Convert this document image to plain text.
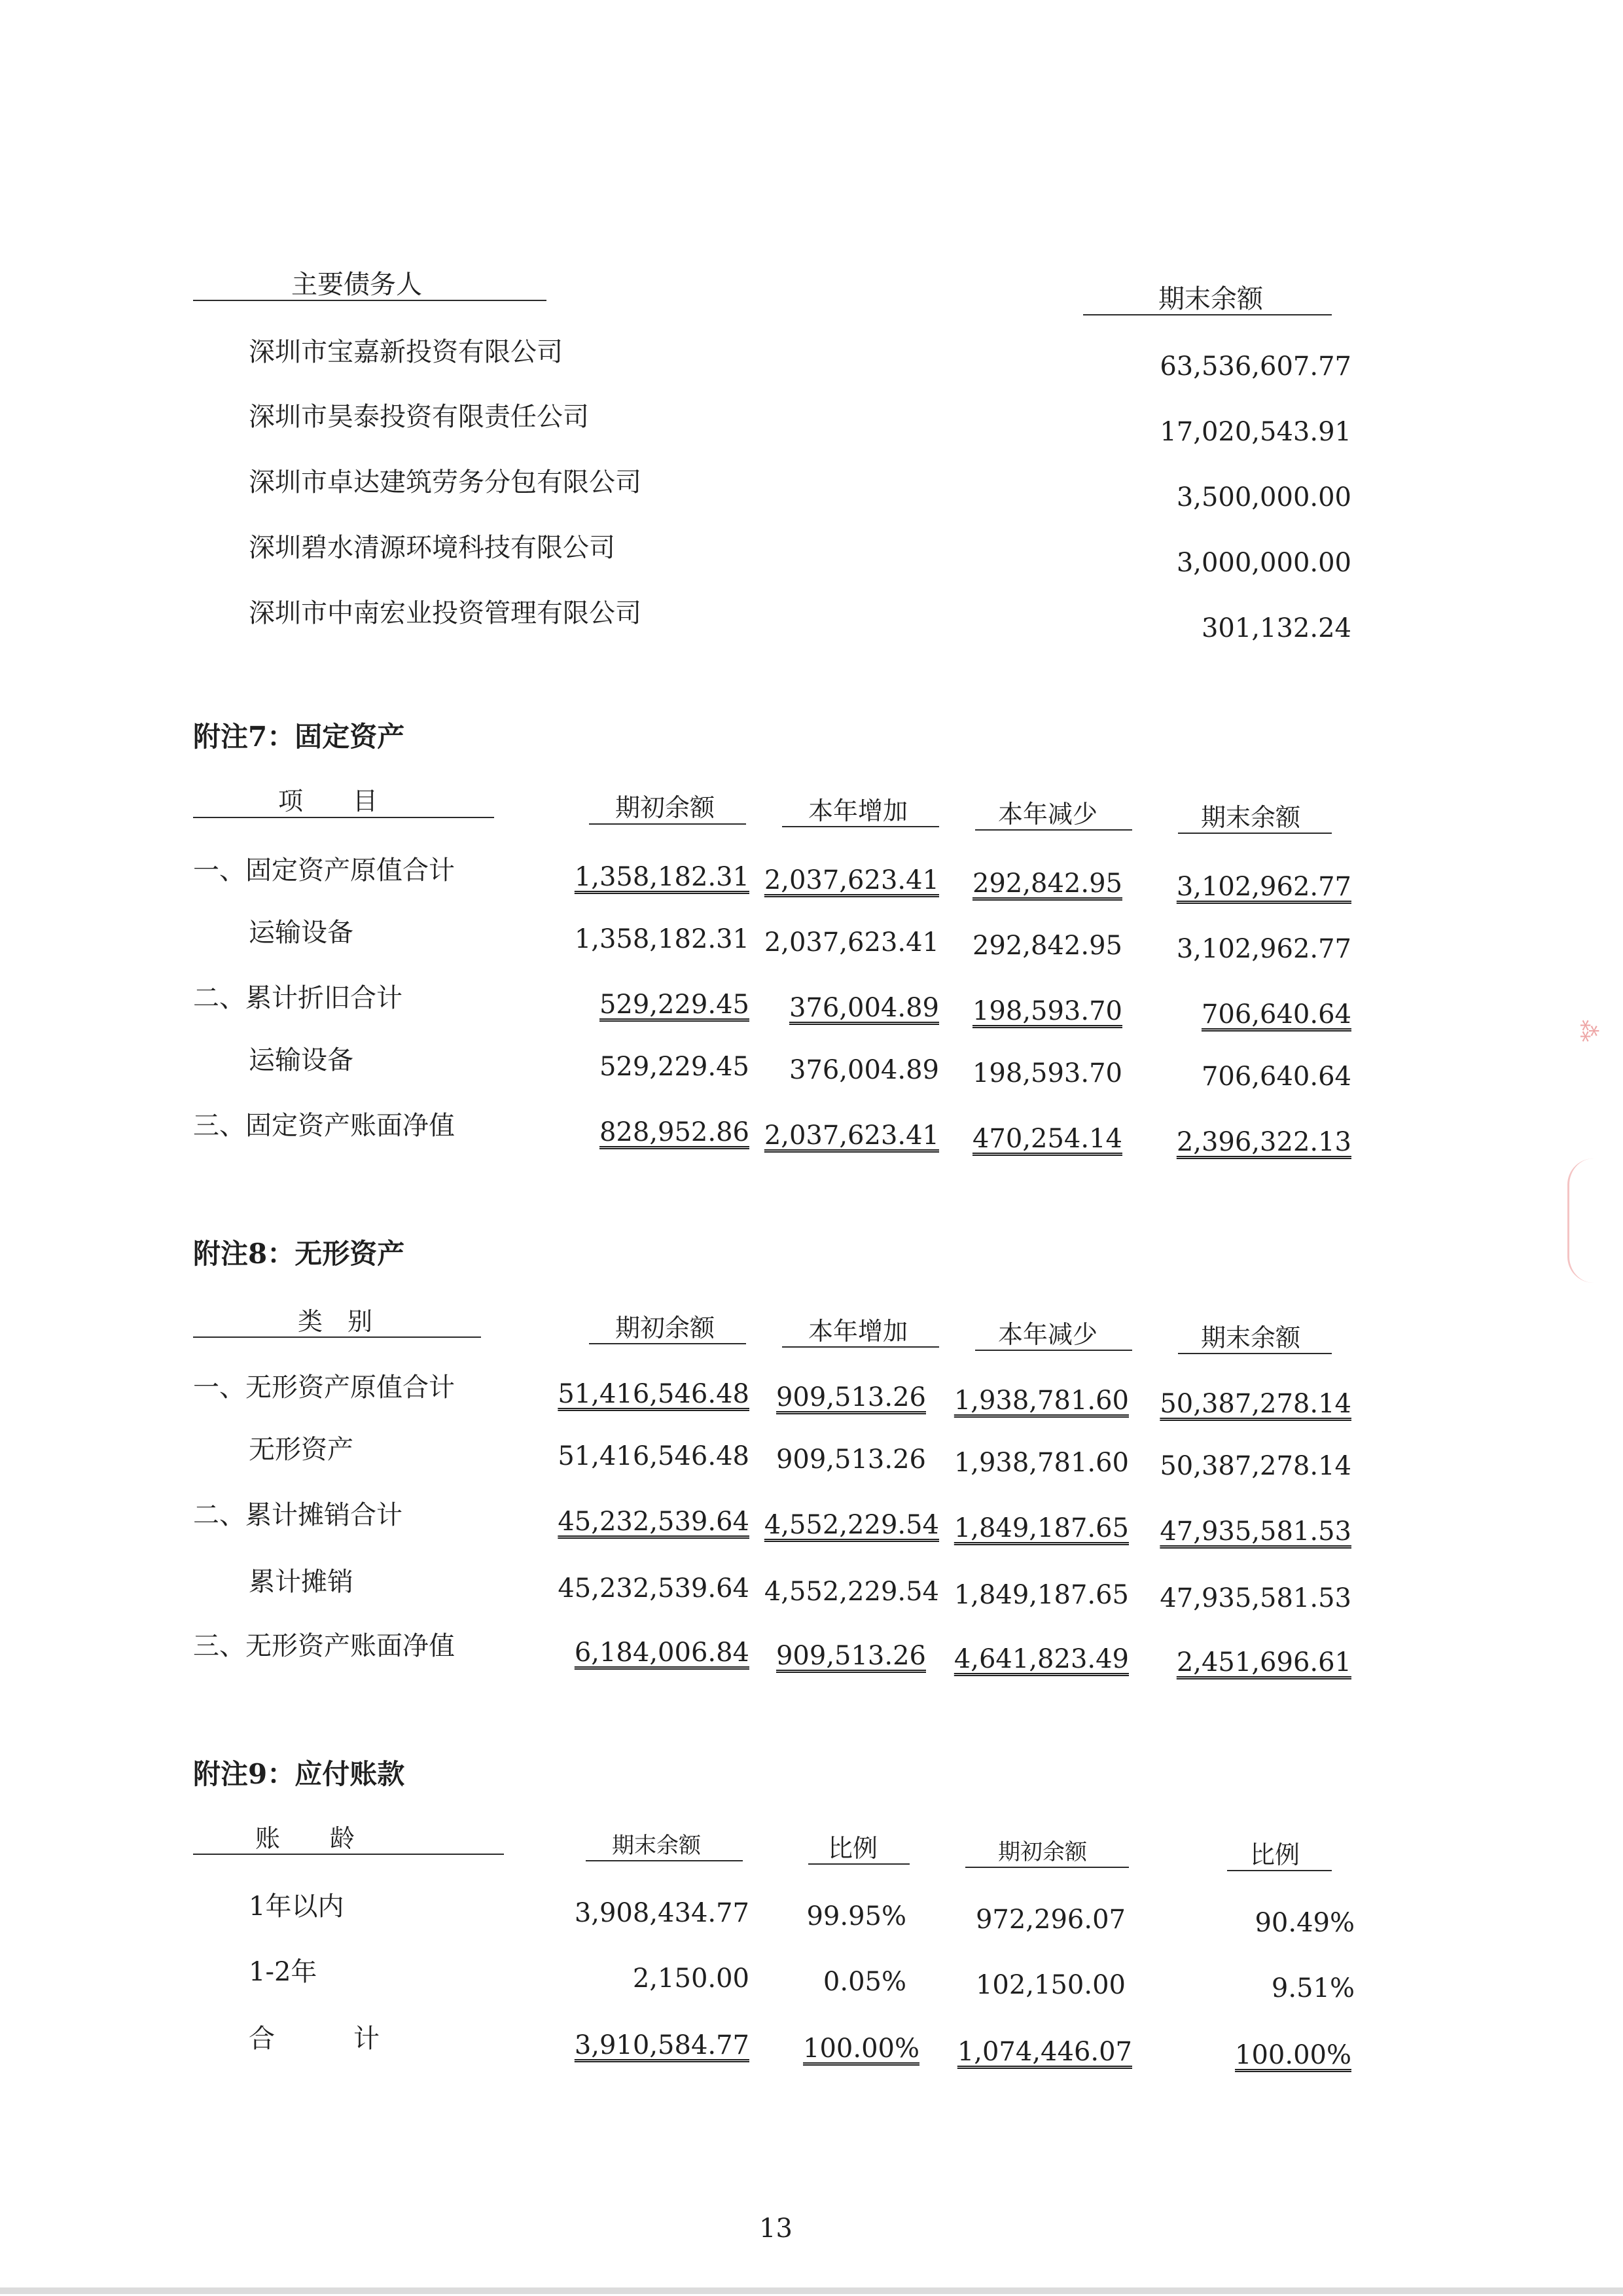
主要债务人	期末余额
深圳市宝嘉新投资有限公司	63,536,607.77
深圳市昊泰投资有限责任公司	17,020,543.91
深圳市卓达建筑劳务分包有限公司	3,500,000.00
深圳碧水清源环境科技有限公司	3,000,000.00
深圳市中南宏业投资管理有限公司	301,132.24
附注7：固定资产
项　　目	期初余额	本年增加	本年减少	期末余额
一、固定资产原值合计	1,358,182.31 2,037,623.41	292,842.95	3,102,962.77
运输设备	1,358,182.31 2,037,623.41	292,842.95	3,102,962.77
二、累计折旧合计	529,229.45	376,004.89	198,593.70	706,640.64
运输设备	529,229.45	376,004.89	198,593.70	706,640.64
三、固定资产账面净值	828,952.86 2,037,623.41	470,254.14	2,396,322.13
附注8：无形资产
类　别	期初余额	本年增加	本年减少	期末余额
一、无形资产原值合计	51,416,546.48	909,513.26	1,938,781.60 50,387,278.14
无形资产	51,416,546.48	909,513.26	1,938,781.60 50,387,278.14
二、累计摊销合计	45,232,539.64 4,552,229.54 1,849,187.65 47,935,581.53
累计摊销	45,232,539.64 4,552,229.54 1,849,187.65 47,935,581.53
三、无形资产账面净值	6,184,006.84	909,513.26	4,641,823.49	2,451,696.61
附注9：应付账款
账　　龄	期末余额	比例	期初余额	比例
1年以内	3,908,434.77	99.95%	972,296.07	90.49%
1-2年	2,150.00	0.05%	102,150.00	9.51%
合　　　计	3,910,584.77	100.00%	1,074,446.07	100.00%
13
⁂
